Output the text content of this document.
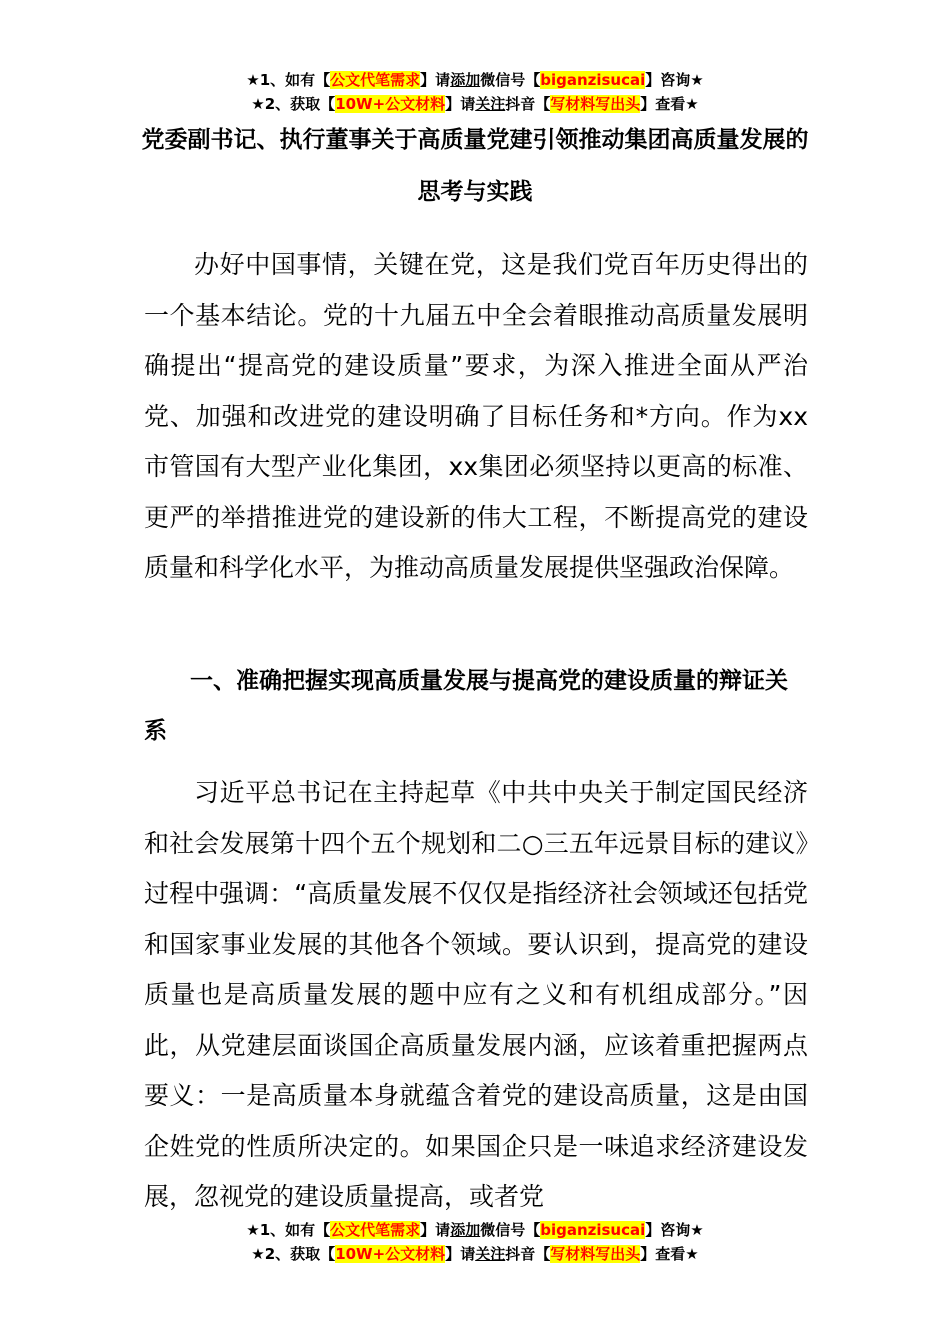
★1、如有【公文代笔需求】请添加微信号【biganzisucai】咨询★
★2、获取【10W+公文材料】请关注抖音【写材料写出头】查看★
党委副书记、执行董事关于高质量党建引领推动集团高质量发展的思考与实践

办好中国事情，关键在党，这是我们党百年历史得出的一个基本结论。党的十九届五中全会着眼推动高质量发展明确提出“提高党的建设质量”要求，为深入推进全面从严治党、加强和改进党的建设明确了目标任务和*方向。作为xx市管国有大型产业化集团，xx集团必须坚持以更高的标准、更严的举措推进党的建设新的伟大工程，不断提高党的建设质量和科学化水平，为推动高质量发展提供坚强政治保障。

一、准确把握实现高质量发展与提高党的建设质量的辩证关系

习近平总书记在主持起草《中共中央关于制定国民经济和社会发展第十四个五个规划和二○三五年远景目标的建议》过程中强调：“高质量发展不仅仅是指经济社会领域还包括党和国家事业发展的其他各个领域。要认识到，提高党的建设质量也是高质量发展的题中应有之义和有机组成部分。”因此，从党建层面谈国企高质量发展内涵，应该着重把握两点要义：一是高质量本身就蕴含着党的建设高质量，这是由国企姓党的性质所决定的。如果国企只是一味追求经济建设发展，忽视党的建设质量提高，或者党

★1、如有【公文代笔需求】请添加微信号【biganzisucai】咨询★
★2、获取【10W+公文材料】请关注抖音【写材料写出头】查看★
